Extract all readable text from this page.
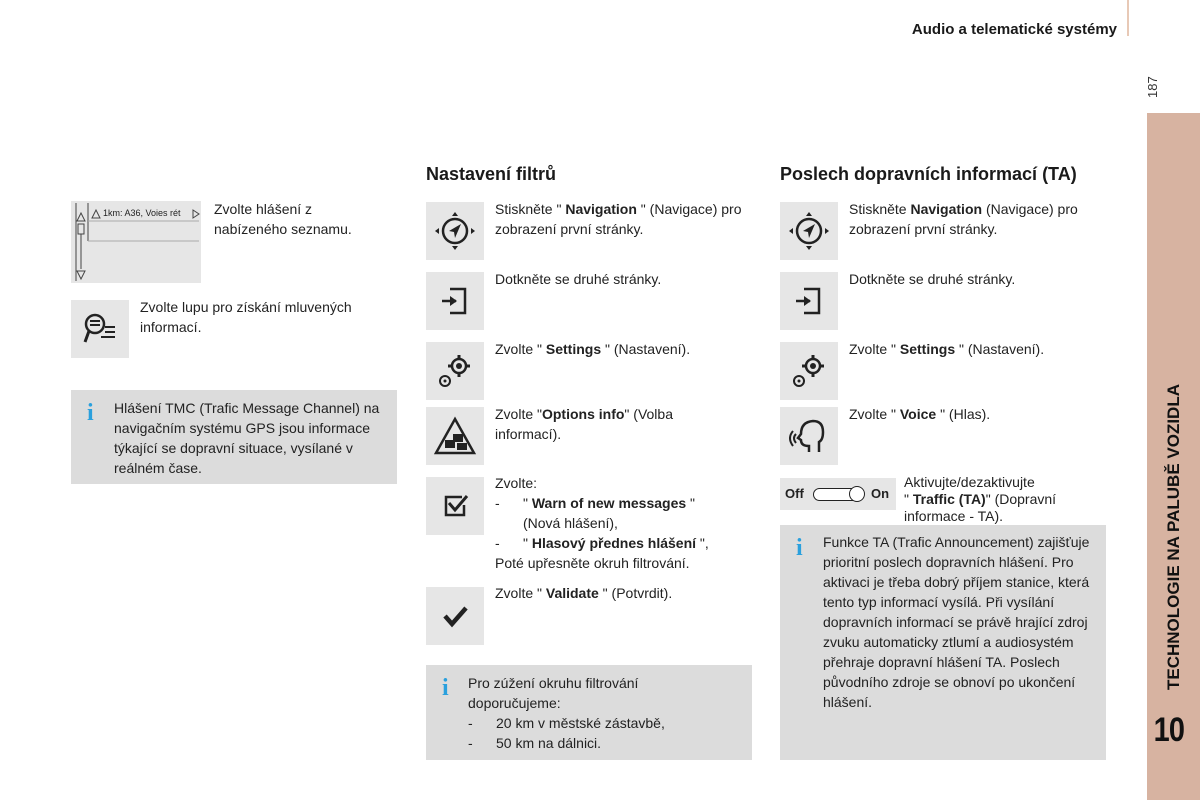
Audio a telematické systémy
187
TECHNOLOGIE NA PALUBĚ VOZIDLA
10
1km: A36, Voies rét Zvolte hlášení z nabízeného seznamu.
Zvolte lupu pro získání mluvených informací.
i Hlášení TMC (Trafic Message Channel) na navigačním systému GPS jsou informace týkající se dopravní situace, vysílané v reálném čase.
Nastavení filtrů
Stiskněte " Navigation " (Navigace) pro zobrazení první stránky.
Dotkněte se druhé stránky.
Zvolte " Settings " (Nastavení).
Zvolte "Options info" (Volba informací).
Zvolte:
-	" Warn of new messages "
(Nová hlášení),
-	" Hlasový přednes hlášení ",
Poté upřesněte okruh filtrování.
Zvolte " Validate " (Potvrdit).
i Pro zúžení okruhu filtrování doporučujeme:
-	20 km v městské zástavbě,
-	50 km na dálnici.
Poslech dopravních informací (TA)
Stiskněte Navigation (Navigace) pro zobrazení první stránky.
Dotkněte se druhé stránky.
Zvolte " Settings " (Nastavení).
Zvolte " Voice " (Hlas).
Off	On
Aktivujte/dezaktivujte
" Traffic (TA)" (Dopravní informace - TA).
i Funkce TA (Trafic Announcement) zajišťuje prioritní poslech dopravních hlášení. Pro aktivaci je třeba dobrý příjem stanice, která tento typ informací vysílá. Při vysílání dopravních informací se právě hrající zdroj zvuku automaticky ztlumí a audiosystém přehraje dopravní hlášení TA. Poslech původního zdroje se obnoví po ukončení hlášení.
